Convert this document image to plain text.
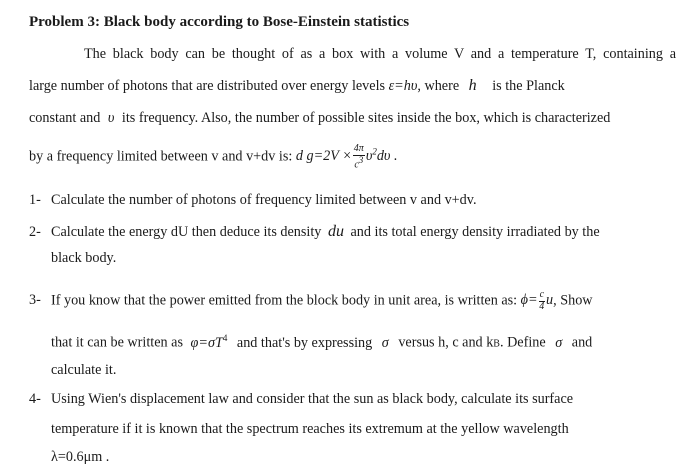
Problem 3: Black body according to Bose-Einstein statistics
The black body can be thought of as a box with a volume V and a temperature T, containing a
large number of photons that are distributed over energy levels ε=hυ, where h is the Planck
constant and υ its frequency. Also, the number of possible sites inside the box, which is characterized
by a frequency limited between v and v+dv is: d $g=2V \times \frac{4\pi}{c3} \upsilon^2d\upsilon$ .
1- Calculate the number of photons of frequency limited between v and v+dv.
2- Calculate the energy dU then deduce its density du and its total energy density irradiated by the
black body.
3- If you know that the power emitted from the block body in unit area, is written as: $\phi= \frac{c}{4} u$, Show
that it can be written as $\varphi=\sigma T^4$ and that's by expressing σ versus h, c and kB. Define σ and
calculate it.
4- Using Wien's displacement law and consider that the sun as black body, calculate its surface
temperature if it is known that the spectrum reaches its extremum at the yellow wavelength
λ=0.6μm .
